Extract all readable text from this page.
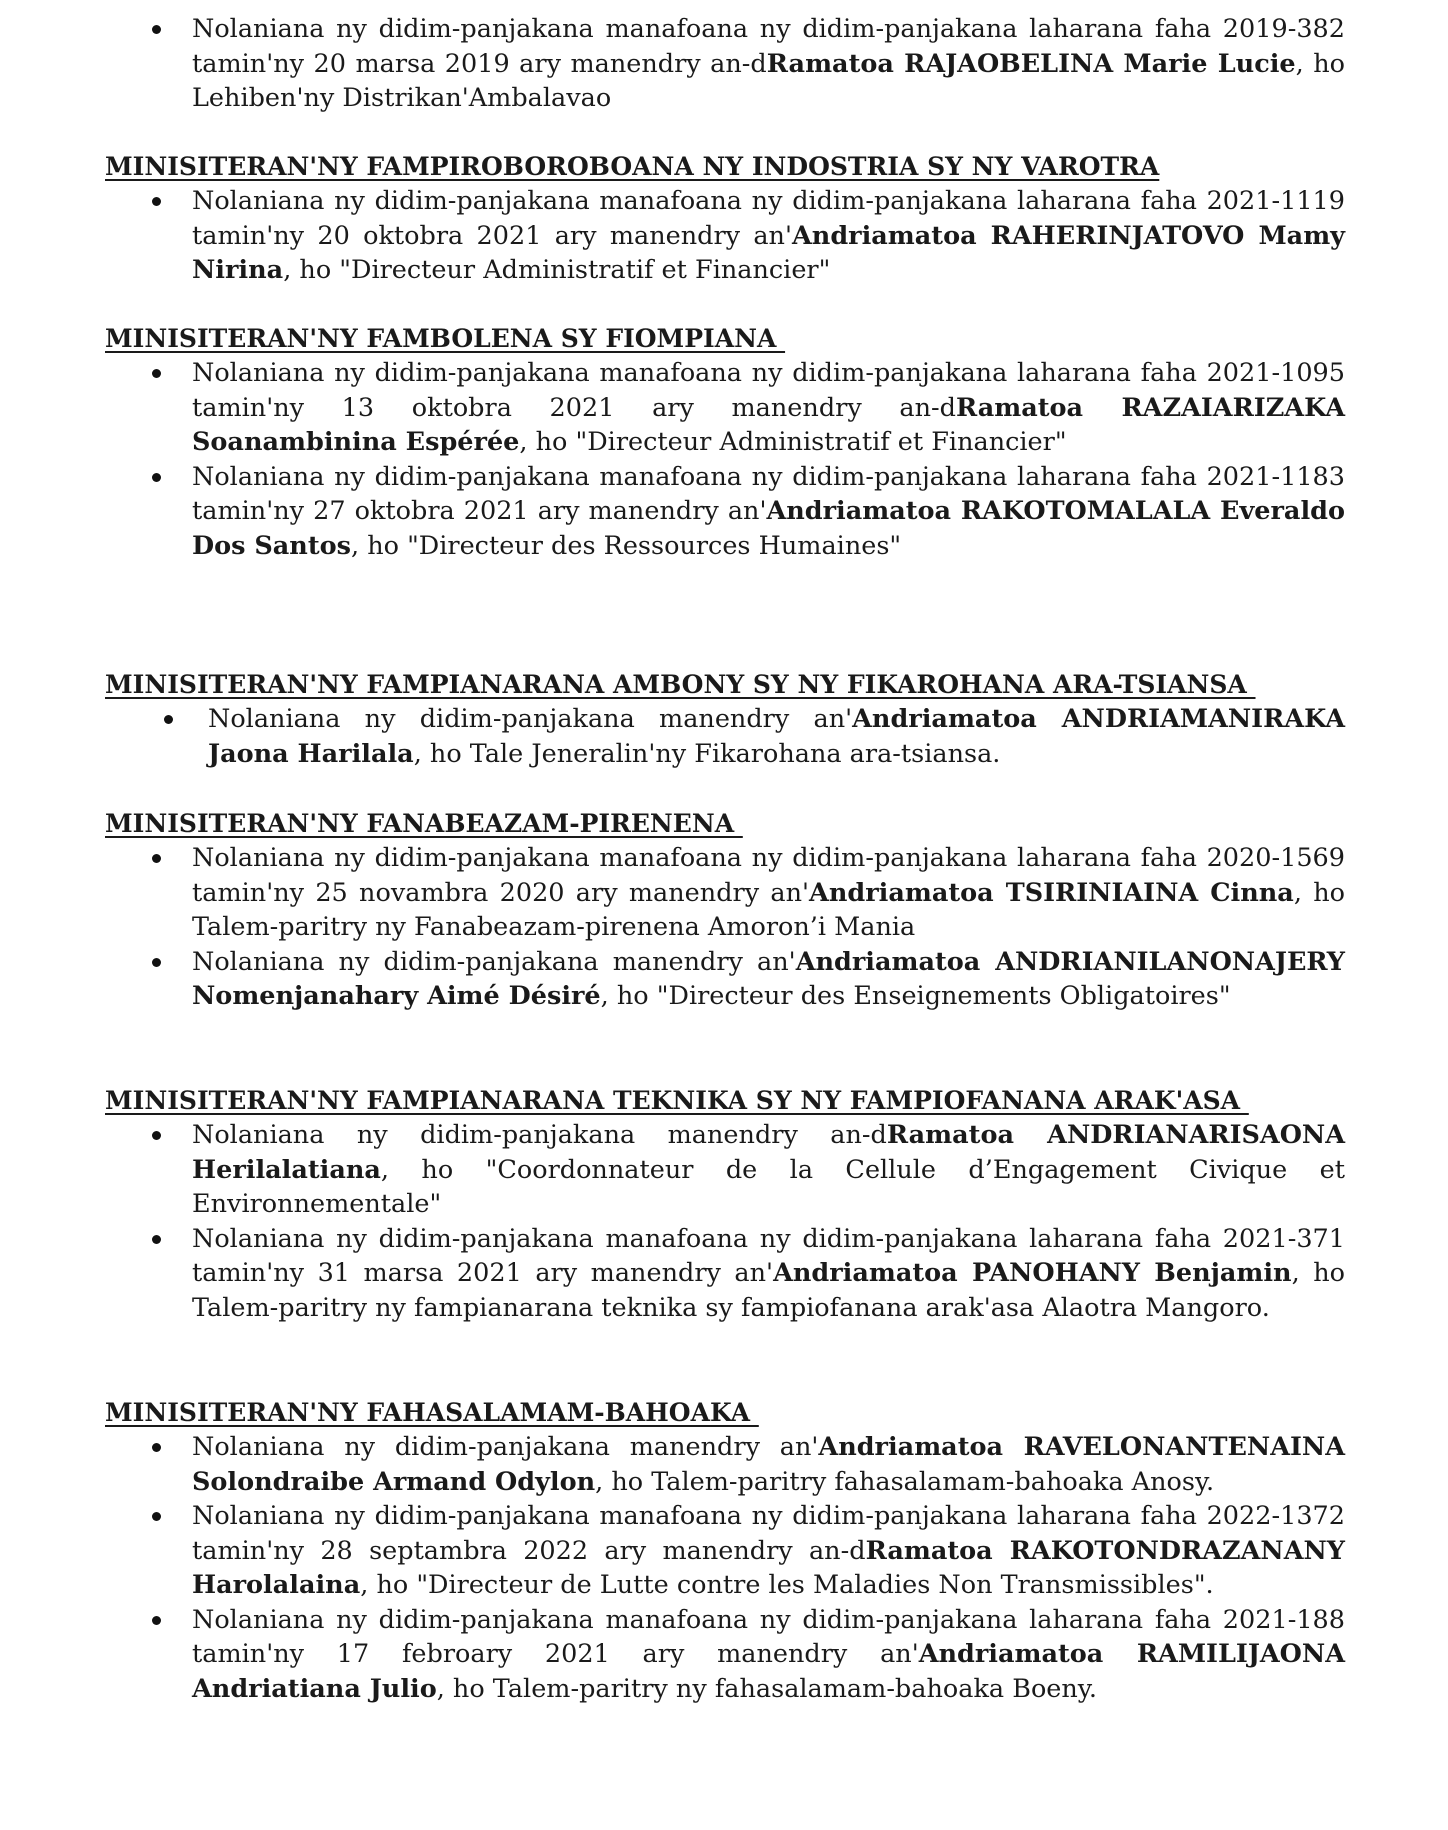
Nolaniana ny didim-panjakana manafoana ny didim-panjakana laharana faha 2019-382 tamin'ny 20 marsa 2019 ary manendry an-dRamatoa RAJAOBELINA Marie Lucie, ho Lehiben'ny Distrikan'Ambalavao

MINISITERAN'NY FAMPIROBOROBOANA NY INDOSTRIA SY NY VAROTRA

Nolaniana ny didim-panjakana manafoana ny didim-panjakana laharana faha 2021-1119 tamin'ny 20 oktobra 2021 ary manendry an'Andriamatoa RAHERINJATOVO Mamy Nirina, ho "Directeur Administratif et Financier"

MINISITERAN'NY FAMBOLENA SY FIOMPIANA

Nolaniana ny didim-panjakana manafoana ny didim-panjakana laharana faha 2021-1095 tamin'ny 13 oktobra 2021 ary manendry an-dRamatoa RAZAIARIZAKA Soanambinina Espérée, ho "Directeur Administratif et Financier"
Nolaniana ny didim-panjakana manafoana ny didim-panjakana laharana faha 2021-1183 tamin'ny 27 oktobra 2021 ary manendry an'Andriamatoa RAKOTOMALALA Everaldo Dos Santos, ho "Directeur des Ressources Humaines"

MINISITERAN'NY FAMPIANARANA AMBONY SY NY FIKAROHANA ARA-TSIANSA

Nolaniana ny didim-panjakana manendry an'Andriamatoa ANDRIAMANIRAKA Jaona Harilala, ho Tale Jeneralin'ny Fikarohana ara-tsiansa.

MINISITERAN'NY FANABEAZAM-PIRENENA

Nolaniana ny didim-panjakana manafoana ny didim-panjakana laharana faha 2020-1569 tamin'ny 25 novambra 2020 ary manendry an'Andriamatoa TSIRINIAINA Cinna, ho Talem-paritry ny Fanabeazam-pirenena Amoron’i Mania
Nolaniana ny didim-panjakana manendry an'Andriamatoa ANDRIANILANONAJERY Nomenjanahary Aimé Désiré, ho "Directeur des Enseignements Obligatoires"

MINISITERAN'NY FAMPIANARANA TEKNIKA SY NY FAMPIOFANANA ARAK'ASA

Nolaniana ny didim-panjakana manendry an-dRamatoa ANDRIANARISAONA Herilalatiana, ho "Coordonnateur de la Cellule d’Engagement Civique et Environnementale"
Nolaniana ny didim-panjakana manafoana ny didim-panjakana laharana faha 2021-371 tamin'ny 31 marsa 2021 ary manendry an'Andriamatoa PANOHANY Benjamin, ho Talem-paritry ny fampianarana teknika sy fampiofanana arak'asa Alaotra Mangoro.

MINISITERAN'NY FAHASALAMAM-BAHOAKA

Nolaniana ny didim-panjakana manendry an'Andriamatoa RAVELONANTENAINA Solondraibe Armand Odylon, ho Talem-paritry fahasalamam-bahoaka Anosy.
Nolaniana ny didim-panjakana manafoana ny didim-panjakana laharana faha 2022-1372 tamin'ny 28 septambra 2022 ary manendry an-dRamatoa RAKOTONDRAZANANY Harolalaina, ho "Directeur de Lutte contre les Maladies Non Transmissibles".
Nolaniana ny didim-panjakana manafoana ny didim-panjakana laharana faha 2021-188 tamin'ny 17 febroary 2021 ary manendry an'Andriamatoa RAMILIJAONA Andriatiana Julio, ho Talem-paritry ny fahasalamam-bahoaka Boeny.
